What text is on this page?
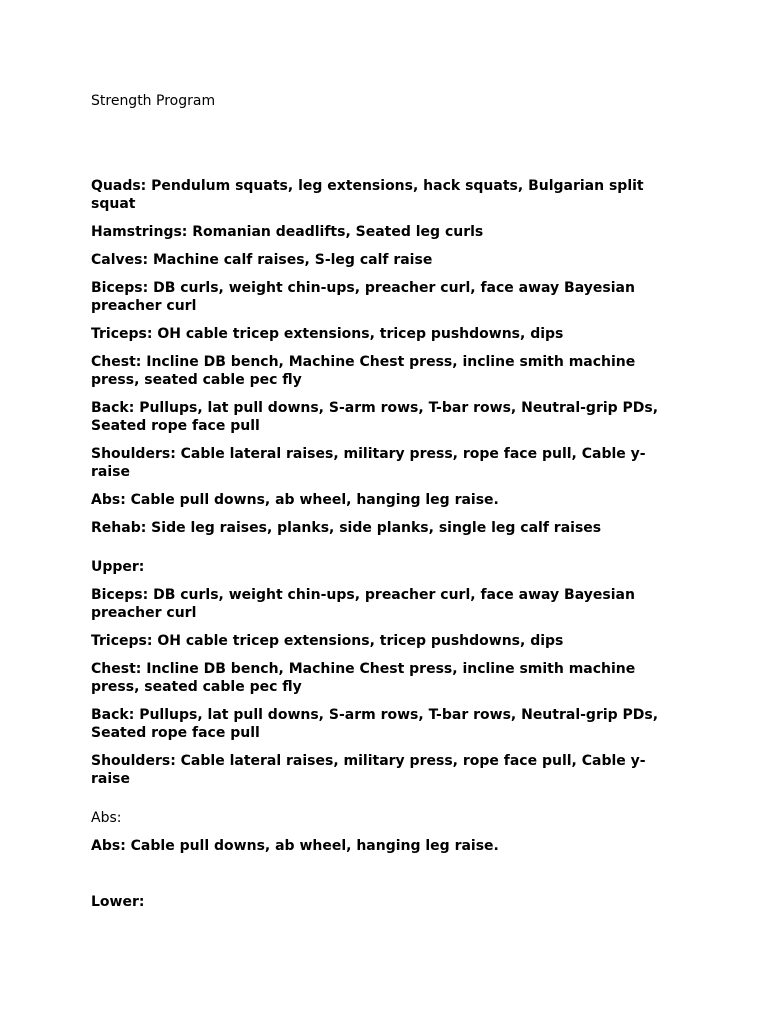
Strength Program

Quads: Pendulum squats, leg extensions, hack squats, Bulgarian split squat

Hamstrings: Romanian deadlifts, Seated leg curls

Calves: Machine calf raises, S-leg calf raise

Biceps: DB curls, weight chin-ups, preacher curl, face away Bayesian preacher curl

Triceps: OH cable tricep extensions, tricep pushdowns, dips

Chest: Incline DB bench, Machine Chest press, incline smith machine press, seated cable pec fly

Back: Pullups, lat pull downs, S-arm rows, T-bar rows, Neutral-grip PDs, Seated rope face pull

Shoulders: Cable lateral raises, military press, rope face pull, Cable y-raise

Abs: Cable pull downs, ab wheel, hanging leg raise.

Rehab: Side leg raises, planks, side planks, single leg calf raises

Upper:

Biceps: DB curls, weight chin-ups, preacher curl, face away Bayesian preacher curl

Triceps: OH cable tricep extensions, tricep pushdowns, dips

Chest: Incline DB bench, Machine Chest press, incline smith machine press, seated cable pec fly

Back: Pullups, lat pull downs, S-arm rows, T-bar rows, Neutral-grip PDs, Seated rope face pull

Shoulders: Cable lateral raises, military press, rope face pull, Cable y-raise

Abs:

Abs: Cable pull downs, ab wheel, hanging leg raise.

Lower:
